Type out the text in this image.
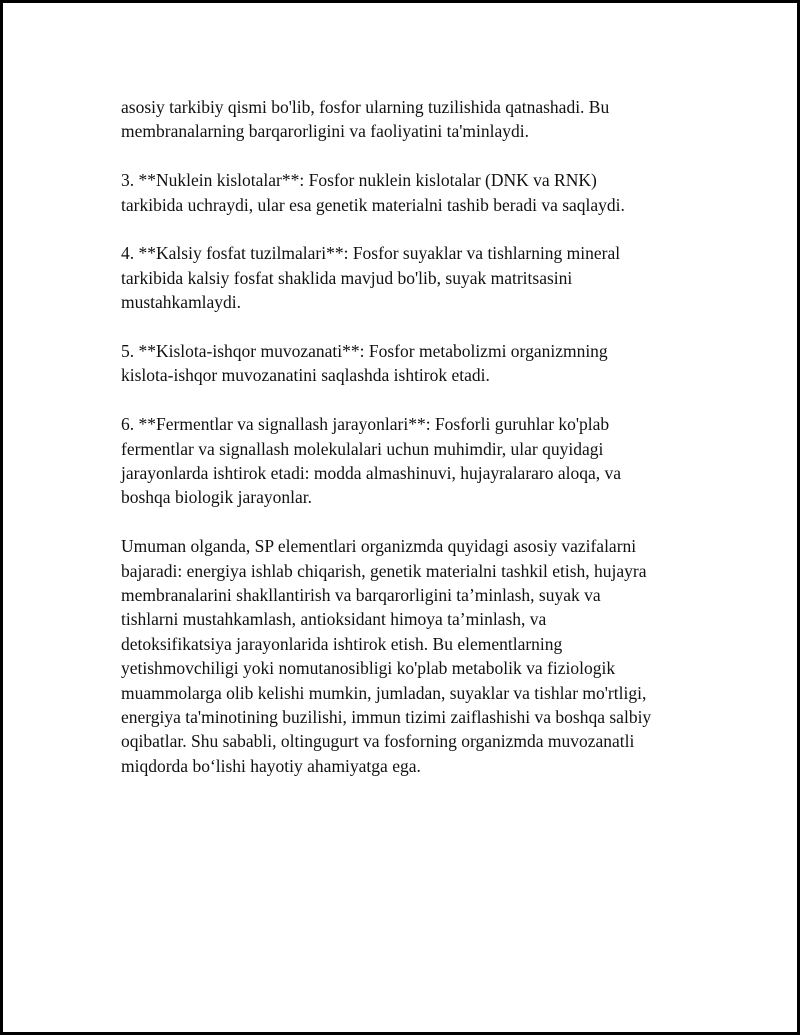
asosiy tarkibiy qismi bo'lib, fosfor ularning tuzilishida qatnashadi. Bu
membranalarning barqarorligini va faoliyatini ta'minlaydi.

3. **Nuklein kislotalar**: Fosfor nuklein kislotalar (DNK va RNK)
tarkibida uchraydi, ular esa genetik materialni tashib beradi va saqlaydi.

4. **Kalsiy fosfat tuzilmalari**: Fosfor suyaklar va tishlarning mineral
tarkibida kalsiy fosfat shaklida mavjud bo'lib, suyak matritsasini
mustahkamlaydi.

5. **Kislota-ishqor muvozanati**: Fosfor metabolizmi organizmning
kislota-ishqor muvozanatini saqlashda ishtirok etadi.

6. **Fermentlar va signallash jarayonlari**: Fosforli guruhlar ko'plab
fermentlar va signallash molekulalari uchun muhimdir, ular quyidagi
jarayonlarda ishtirok etadi: modda almashinuvi, hujayralararo aloqa, va
boshqa biologik jarayonlar.

Umuman olganda, SP elementlari organizmda quyidagi asosiy vazifalarni
bajaradi: energiya ishlab chiqarish, genetik materialni tashkil etish, hujayra
membranalarini shakllantirish va barqarorligini ta’minlash, suyak va
tishlarni mustahkamlash, antioksidant himoya ta’minlash, va
detoksifikatsiya jarayonlarida ishtirok etish. Bu elementlarning
yetishmovchiligi yoki nomutanosibligi ko'plab metabolik va fiziologik
muammolarga olib kelishi mumkin, jumladan, suyaklar va tishlar mo'rtligi,
energiya ta'minotining buzilishi, immun tizimi zaiflashishi va boshqa salbiy
oqibatlar. Shu sababli, oltingugurt va fosforning organizmda muvozanatli
miqdorda bo‘lishi hayotiy ahamiyatga ega.
